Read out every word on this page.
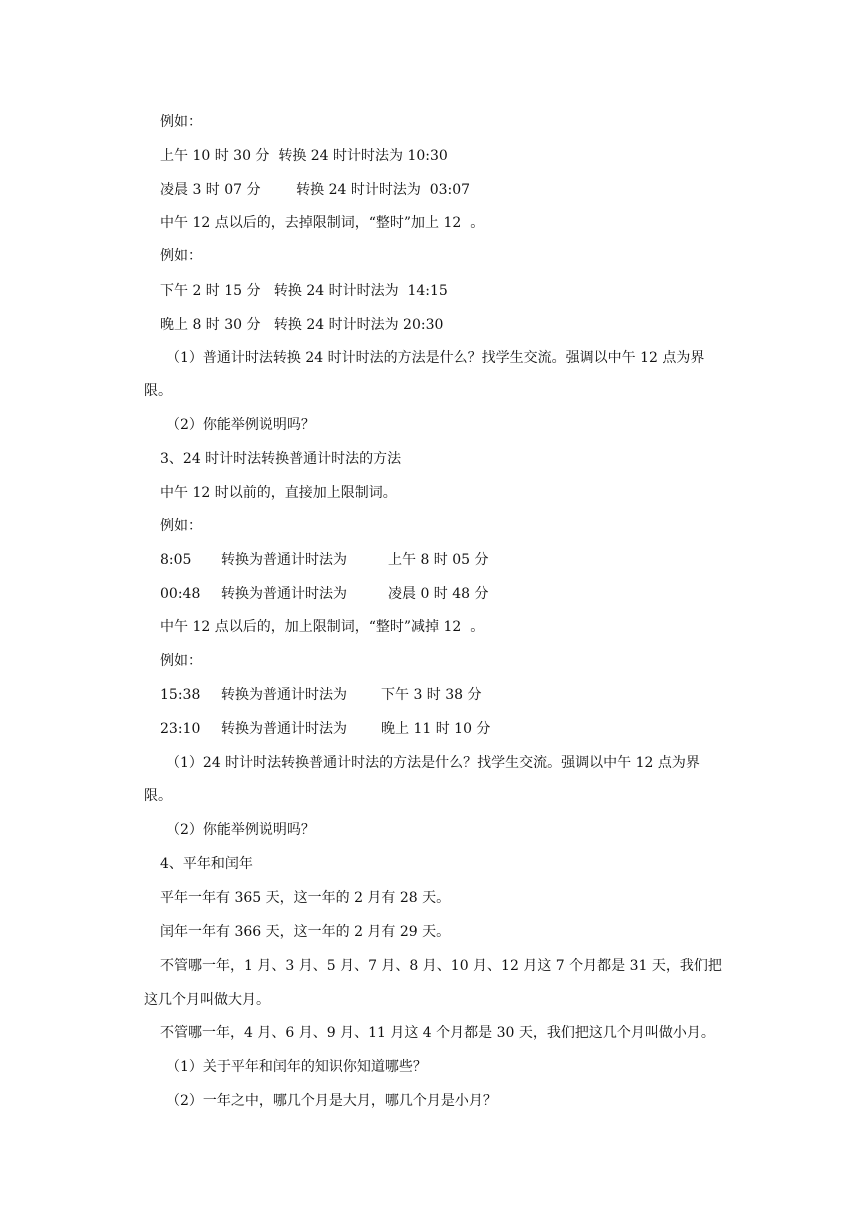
例如：
上午 10 时 30 分  转换 24 时计时法为 10:30
凌晨 3 时 07 分        转换 24 时计时法为  03:07
中午 12 点以后的，去掉限制词，“整时”加上 12  。
例如：
下午 2 时 15 分   转换 24 时计时法为  14:15
晚上 8 时 30 分   转换 24 时计时法为 20:30
（1）普通计时法转换 24 时计时法的方法是什么？找学生交流。强调以中午 12 点为界
限。
（2）你能举例说明吗？
3、24 时计时法转换普通计时法的方法
中午 12 时以前的，直接加上限制词。
例如：
8:05 转换为普通计时法为	上午 8 时 05 分
00:48 转换为普通计时法为	凌晨 0 时 48 分
中午 12 点以后的，加上限制词，“整时”减掉 12  。
例如：
15:38 转换为普通计时法为 下午 3 时 38 分
23:10 转换为普通计时法为 晚上 11 时 10 分
（1）24 时计时法转换普通计时法的方法是什么？找学生交流。强调以中午 12 点为界
限。
（2）你能举例说明吗？
4、平年和闰年
平年一年有 365 天，这一年的 2 月有 28 天。
闰年一年有 366 天，这一年的 2 月有 29 天。
不管哪一年，1 月、3 月、5 月、7 月、8 月、10 月、12 月这 7 个月都是 31 天，我们把
这几个月叫做大月。
不管哪一年，4 月、6 月、9 月、11 月这 4 个月都是 30 天，我们把这几个月叫做小月。
（1）关于平年和闰年的知识你知道哪些？
（2）一年之中，哪几个月是大月，哪几个月是小月？
